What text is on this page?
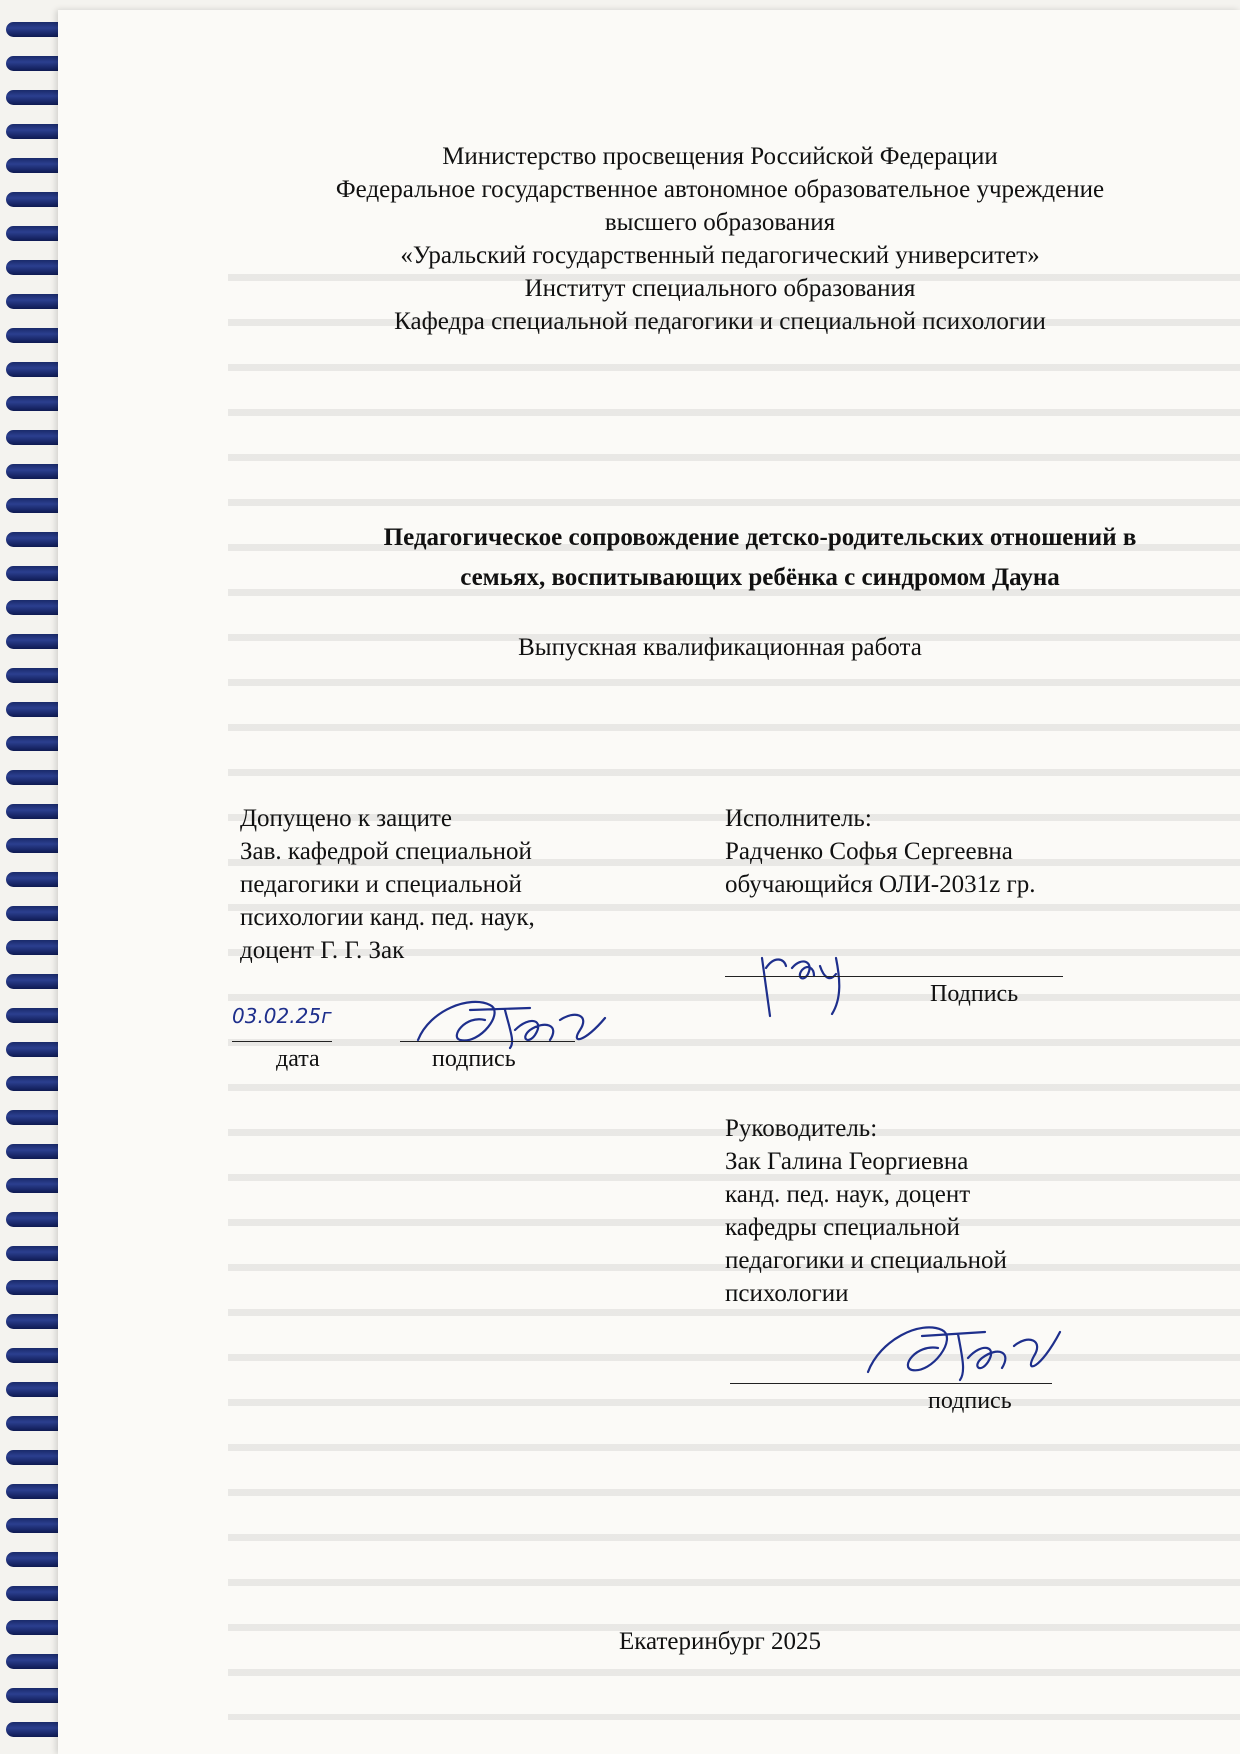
Министерство просвещения Российской Федерации
Федеральное государственное автономное образовательное учреждение
высшего образования
«Уральский государственный педагогический университет»
Институт специального образования
Кафедра специальной педагогики и специальной психологии
Педагогическое сопровождение детско-родительских отношений в
семьях, воспитывающих ребёнка с синдромом Дауна
Выпускная квалификационная работа
Допущено к защите
Зав. кафедрой специальной
педагогики и специальной
психологии канд. пед. наук,
доцент Г. Г. Зак
03.02.25г
дата	подпись
Исполнитель:
Радченко Софья Сергеевна
обучающийся ОЛИ-2031z гр.
Подпись
Руководитель:
Зак Галина Георгиевна
канд. пед. наук, доцент
кафедры специальной
педагогики и специальной
психологии
подпись
Екатеринбург 2025
